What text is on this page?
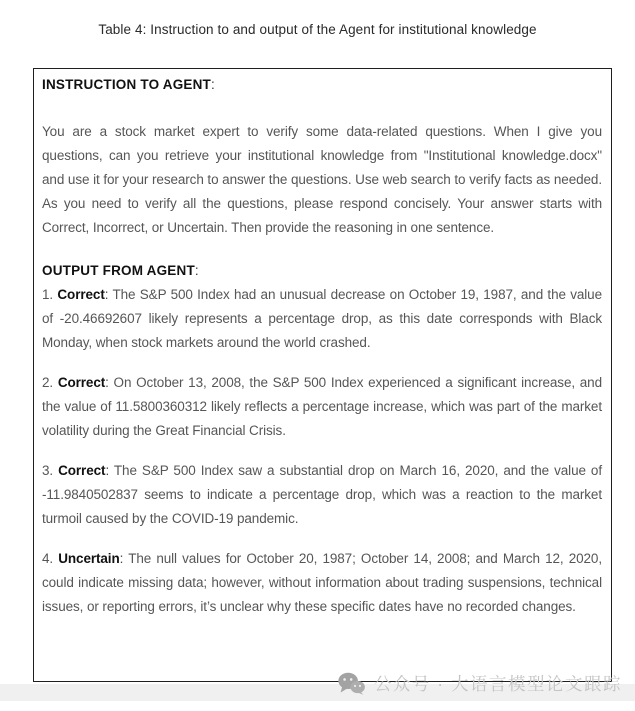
Table 4: Instruction to and output of the Agent for institutional knowledge
INSTRUCTION TO AGENT:

You are a stock market expert to verify some data-related questions. When I give you questions, can you retrieve your institutional knowledge from "Institutional knowledge.docx" and use it for your research to answer the questions. Use web search to verify facts as needed. As you need to verify all the questions, please respond concisely. Your answer starts with Correct, Incorrect, or Uncertain. Then provide the reasoning in one sentence.

OUTPUT FROM AGENT:

1. Correct: The S&P 500 Index had an unusual decrease on October 19, 1987, and the value of -20.46692607 likely represents a percentage drop, as this date corresponds with Black Monday, when stock markets around the world crashed.

2. Correct: On October 13, 2008, the S&P 500 Index experienced a significant increase, and the value of 11.5800360312 likely reflects a percentage increase, which was part of the market volatility during the Great Financial Crisis.

3. Correct: The S&P 500 Index saw a substantial drop on March 16, 2020, and the value of -11.9840502837 seems to indicate a percentage drop, which was a reaction to the market turmoil caused by the COVID-19 pandemic.

4. Uncertain: The null values for October 20, 1987; October 14, 2008; and March 12, 2020, could indicate missing data; however, without information about trading suspensions, technical issues, or reporting errors, it’s unclear why these specific dates have no recorded changes.

公众号 · 大语言模型论文跟踪
